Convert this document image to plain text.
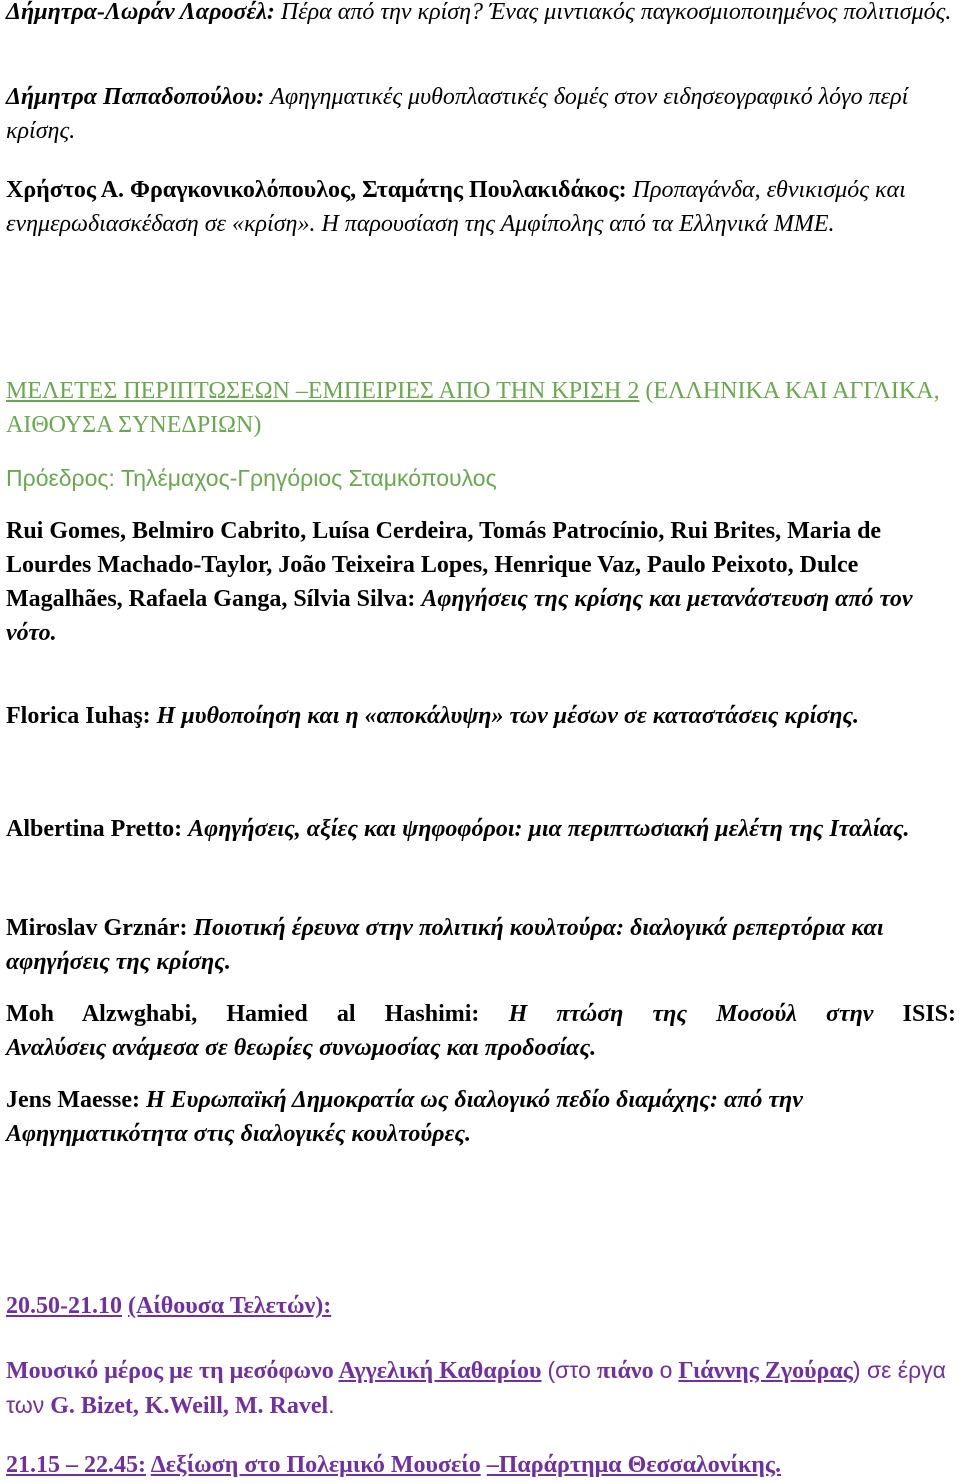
Δήμητρα-Λωράν Λαροσέλ: Πέρα από την κρίση? Ένας μιντιακός παγκοσμιοποιημένος πολιτισμός.

Δήμητρα Παπαδοπούλου: Αφηγηματικές μυθοπλαστικές δομές στον ειδησεογραφικό λόγο περί κρίσης.

Χρήστος Α. Φραγκονικολόπουλος, Σταμάτης Πουλακιδάκος: Προπαγάνδα, εθνικισμός και ενημερωδιασκέδαση σε «κρίση». Η παρουσίαση της Αμφίπολης από τα Ελληνικά ΜΜΕ.

ΜΕΛΕΤΕΣ ΠΕΡΙΠΤΩΣΕΩΝ –ΕΜΠΕΙΡΙΕΣ ΑΠΟ ΤΗΝ ΚΡΙΣΗ 2 (ΕΛΛΗΝΙΚΑ ΚΑΙ ΑΓΓΛΙΚΑ, ΑΙΘΟΥΣΑ ΣΥΝΕΔΡΙΩΝ)

Πρόεδρος: Τηλέμαχος-Γρηγόριος Σταμκόπουλος

Rui Gomes, Belmiro Cabrito, Luísa Cerdeira, Tomás Patrocínio, Rui Brites, Maria de Lourdes Machado-Taylor, João Teixeira Lopes, Henrique Vaz, Paulo Peixoto, Dulce Magalhães, Rafaela Ganga, Sílvia Silva: Αφηγήσεις της κρίσης και μετανάστευση από τον νότο.

Florica Iuhaş: Η μυθοποίηση και η «αποκάλυψη» των μέσων σε καταστάσεις κρίσης.

Albertina Pretto: Αφηγήσεις, αξίες και ψηφοφόροι: μια περιπτωσιακή μελέτη της Ιταλίας.

Miroslav Grznár: Ποιοτική έρευνα στην πολιτική κουλτούρα: διαλογικά ρεπερτόρια και αφηγήσεις της κρίσης.

Moh Alzwghabi, Hamied al Hashimi: Η πτώση της Μοσούλ στην ISIS:

Αναλύσεις ανάμεσα σε θεωρίες συνωμοσίας και προδοσίας.

Jens Maesse: Η Ευρωπαϊκή Δημοκρατία ως διαλογικό πεδίο διαμάχης: από την Αφηγηματικότητα στις διαλογικές κουλτούρες.

20.50-21.10 (Αίθουσα Τελετών):

Μουσικό μέρος με τη μεσόφωνο Αγγελική Καθαρίου (στο πιάνο ο Γιάννης Ζγούρας) σε έργα των G. Bizet, K.Weill, M. Ravel.

21.15 – 22.45: Δεξίωση στο Πολεμικό Μουσείο –Παράρτημα Θεσσαλονίκης.
